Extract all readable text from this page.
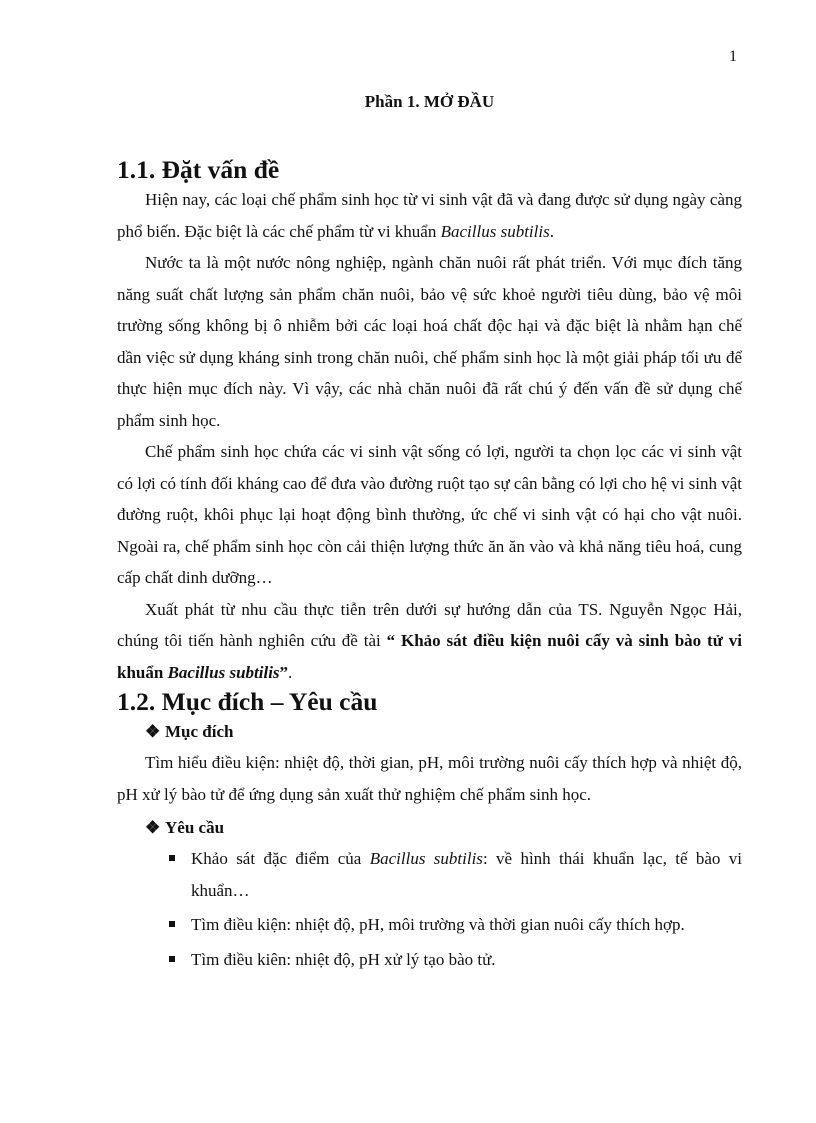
1
Phần 1. MỞ ĐẦU
1.1. Đặt vấn đề

Hiện nay, các loại chế phẩm sinh học từ vi sinh vật đã và đang được sử dụng ngày càng phổ biến. Đặc biệt là các chế phẩm từ vi khuẩn Bacillus subtilis.

Nước ta là một nước nông nghiệp, ngành chăn nuôi rất phát triển. Với mục đích tăng năng suất chất lượng sản phẩm chăn nuôi, bảo vệ sức khoẻ người tiêu dùng, bảo vệ môi trường sống không bị ô nhiễm bởi các loại hoá chất độc hại và đặc biệt là nhằm hạn chế dần việc sử dụng kháng sinh trong chăn nuôi, chế phẩm sinh học là một giải pháp tối ưu để thực hiện mục đích này. Vì vậy, các nhà chăn nuôi đã rất chú ý đến vấn đề sử dụng chế phẩm sinh học.

Chế phẩm sinh học chứa các vi sinh vật sống có lợi, người ta chọn lọc các vi sinh vật có lợi có tính đối kháng cao để đưa vào đường ruột tạo sự cân bằng có lợi cho hệ vi sinh vật đường ruột, khôi phục lại hoạt động bình thường, ức chế vi sinh vật có hại cho vật nuôi. Ngoài ra, chế phẩm sinh học còn cải thiện lượng thức ăn ăn vào và khả năng tiêu hoá, cung cấp chất dinh dưỡng…

Xuất phát từ nhu cầu thực tiễn trên dưới sự hướng dẫn của TS. Nguyễn Ngọc Hải, chúng tôi tiến hành nghiên cứu đề tài “ Khảo sát điều kiện nuôi cấy và sinh bào tử vi khuẩn Bacillus subtilis”.

1.2. Mục đích – Yêu cầu
❖ Mục đích

Tìm hiểu điều kiện: nhiệt độ, thời gian, pH, môi trường nuôi cấy thích hợp và nhiệt độ, pH xử lý bào tử để ứng dụng sản xuất thử nghiệm chế phẩm sinh học.

❖ Yêu cầu
Khảo sát đặc điểm của Bacillus subtilis: về hình thái khuẩn lạc, tế bào vi khuẩn…
Tìm điều kiện: nhiệt độ, pH, môi trường và thời gian nuôi cấy thích hợp.
Tìm điều kiên: nhiệt độ, pH xử lý tạo bào tử.
